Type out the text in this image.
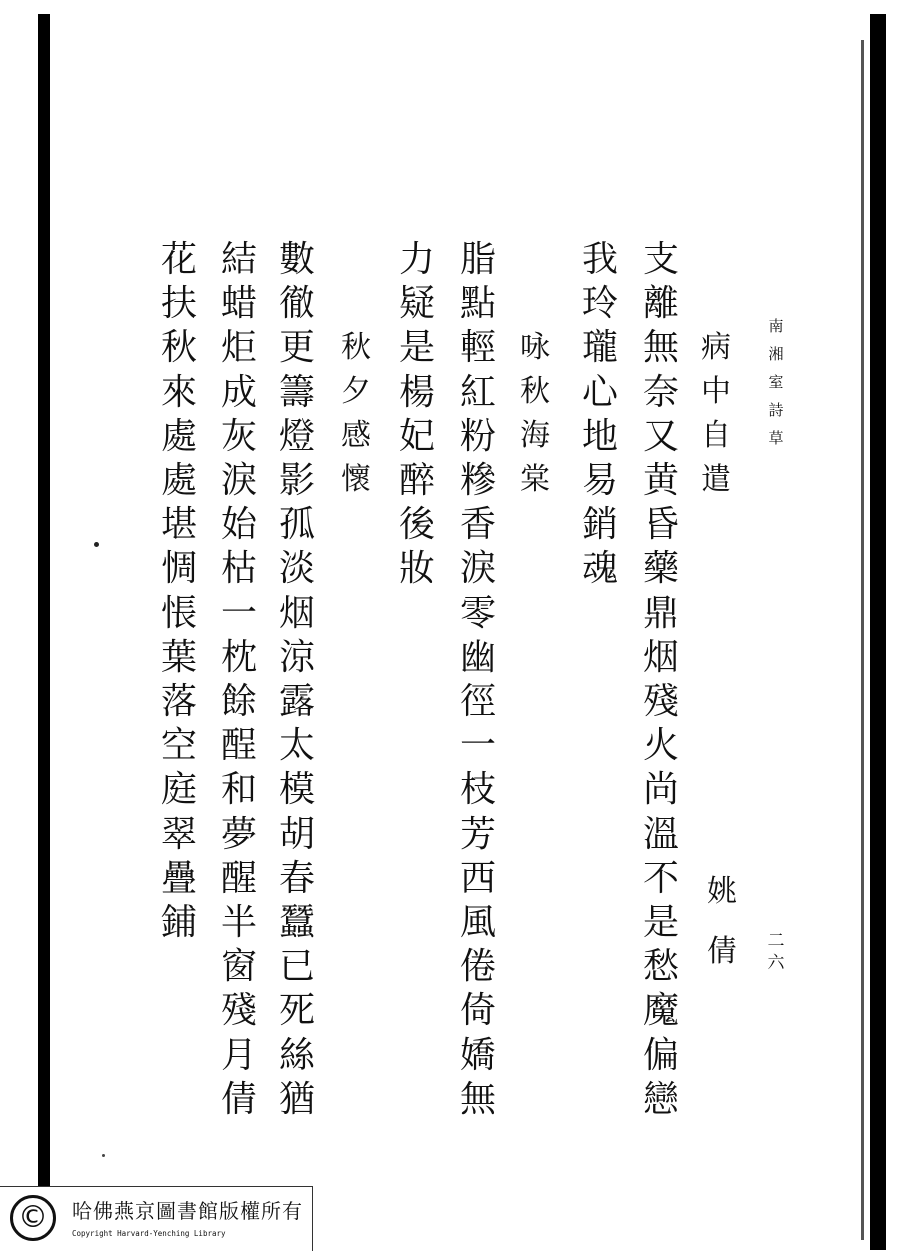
南
湘
室
詩
草
二
六
病
中
自
遣
姚
倩
支
離
無
奈
又
黄
昏
藥
鼎
烟
殘
火
尚
溫
不
是
愁
魔
偏
戀
我
玲
瓏
心
地
易
銷
魂
咏
秋
海
棠
脂
點
輕
紅
粉
糝
香
淚
零
幽
徑
一
枝
芳
西
風
倦
倚
嬌
無
力
疑
是
楊
妃
醉
後
妝
秋
夕
感
懷
數
徹
更
籌
燈
影
孤
淡
烟
涼
露
太
模
胡
春
蠶
已
死
絲
猶
結
蜡
炬
成
灰
淚
始
枯
一
枕
餘
酲
和
夢
醒
半
窗
殘
月
倩
花
扶
秋
來
處
處
堪
惆
悵
葉
落
空
庭
翠
疊
鋪
©	哈佛燕京圖書館版權所有
Copyright Harvard-Yenching Library
